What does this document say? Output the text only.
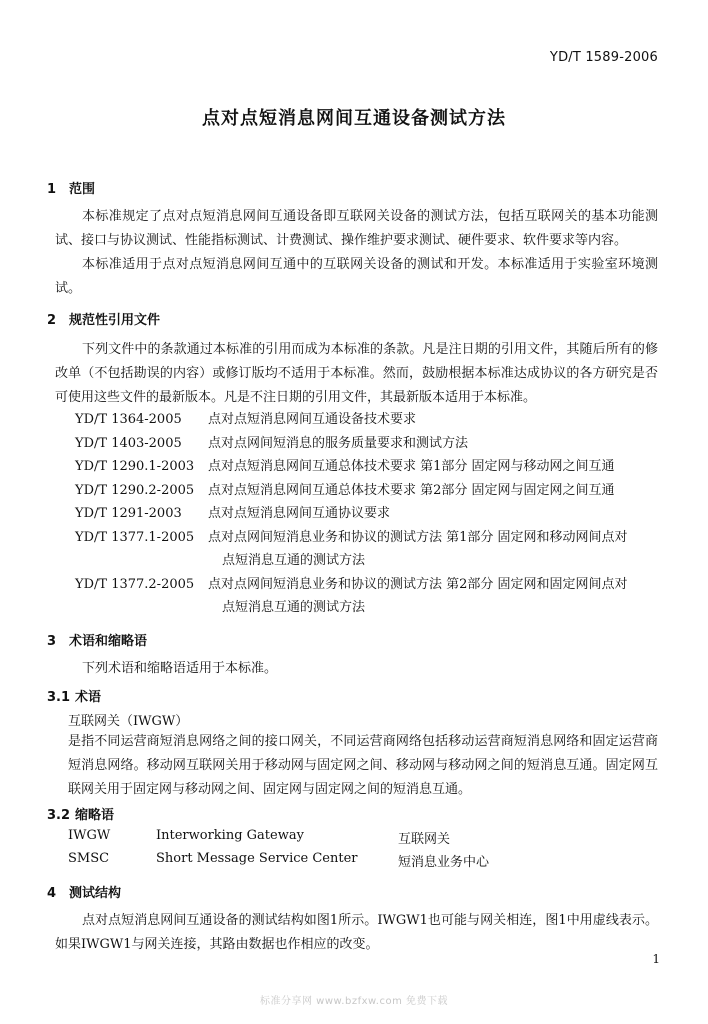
YD/T 1589-2006
点对点短消息网间互通设备测试方法
1 范围
本标准规定了点对点短消息网间互通设备即互联网关设备的测试方法，包括互联网关的基本功能测试、接口与协议测试、性能指标测试、计费测试、操作维护要求测试、硬件要求、软件要求等内容。
本标准适用于点对点短消息网间互通中的互联网关设备的测试和开发。本标准适用于实验室环境测试。
2 规范性引用文件
下列文件中的条款通过本标准的引用而成为本标准的条款。凡是注日期的引用文件，其随后所有的修改单（不包括勘误的内容）或修订版均不适用于本标准。然而，鼓励根据本标准达成协议的各方研究是否可使用这些文件的最新版本。凡是不注日期的引用文件，其最新版本适用于本标准。
YD/T 1364-2005	点对点短消息网间互通设备技术要求
YD/T 1403-2005	点对点网间短消息的服务质量要求和测试方法
YD/T 1290.1-2003	点对点短消息网间互通总体技术要求 第1部分 固定网与移动网之间互通
YD/T 1290.2-2005	点对点短消息网间互通总体技术要求 第2部分 固定网与固定网之间互通
YD/T 1291-2003	点对点短消息网间互通协议要求
YD/T 1377.1-2005	点对点网间短消息业务和协议的测试方法 第1部分 固定网和移动网间点对
点短消息互通的测试方法
YD/T 1377.2-2005	点对点网间短消息业务和协议的测试方法 第2部分 固定网和固定网间点对
点短消息互通的测试方法
3 术语和缩略语
下列术语和缩略语适用于本标准。
3.1 术语
互联网关（IWGW）
是指不同运营商短消息网络之间的接口网关，不同运营商网络包括移动运营商短消息网络和固定运营商短消息网络。移动网互联网关用于移动网与固定网之间、移动网与移动网之间的短消息互通。固定网互联网关用于固定网与移动网之间、固定网与固定网之间的短消息互通。
3.2 缩略语
IWGW	Interworking Gateway	互联网关
SMSC	Short Message Service Center	短消息业务中心
4 测试结构
点对点短消息网间互通设备的测试结构如图1所示。IWGW1也可能与网关相连，图1中用虚线表示。如果IWGW1与网关连接，其路由数据也作相应的改变。
1
标准分享网 www.bzfxw.com 免费下载
